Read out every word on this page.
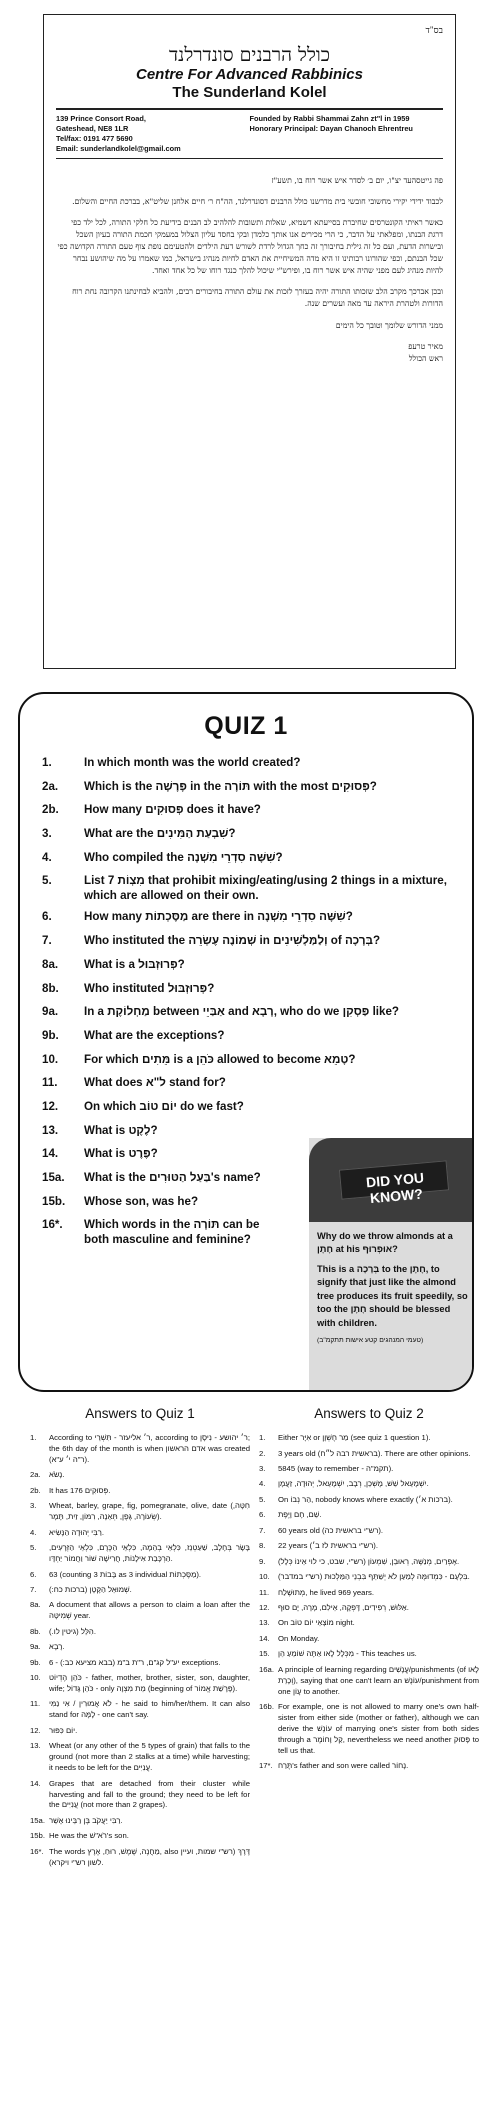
בס"ד
כולל הרבנים סונדרלנד
Centre For Advanced Rabbinics
The Sunderland Kolel
139 Prince Consort Road,
Gateshead, NE8 1LR
Tel/fax: 0191 477 5690
Email: sunderlandkolel@gmail.com
Founded by Rabbi Shammai Zahn zt"l in 1959
Honorary Principal: Dayan Chanoch Ehrentreu

פה גייטסהעד יצ"ו, יום ב׳ לסדר איש אשר רוח בו, תשע"ז

לכבוד ידידי יקירי מחשובי חובשי בית מדרשנו כולל הרבנים דסונדרלנד, הה"ח ר׳ חיים אלחנן שליט"א, בברכת החיים והשלום.

כאשר ראיתי הקונטרסים שחיברת בסייעתא דשמיא, שאלות ותשובות להלהיב לב הבנים בידיעת כל חלקי התורה, לכל ילד כפי דרגת הבנתו, ומפלאתי על הדבר, כי הרי מכירים אנו אותך כלמדן ובקי בחסד עליון הצלול במעמקי חכמת התורה בעיון השכל ובישרות הדעת, ועם כל זה גילית בחיבורך זה כחך הגדול לרדת לשורש דעת הילדים ולהטעימם נופת צוף טעם התורה הקדושה כפי שכל הבנתם, וכפי שהורונו רבותינו זו היא מדה המשיחיית את האדם לחיות מנהיג בישראל, כמו שאמרו על מה שיהושע נבחר להיות מנהיג לעם מפני שהיה איש אשר רוח בו, ופירש"י שיכול להלך כנגד רוחו של כל אחד ואחד.

ובכן אברכך מקרב הלב שזכותו התורה יהיה בעזרך לזכות את עולם התורה בחיבורים רבים, ולהביא לבחינתנו הקרובה נחת רוח הדורות ולטהרת היראה עד מאה ועשרים שנה.

ממני הדורש שלומך וטובך כל הימים
מאיר טרעפ
ראש הכולל
QUIZ 1
1.	In which month was the world created?
2a.	Which is the פָּרָשָׁה in the תּוֹרָה with the most פְּסוּקִים?
2b.	How many פְּסוּקִים does it have?
3.	What are the שִׁבְעַת הַמִּינִים?
4.	Who compiled the שִׁשָּׁה סִדְרֵי מִשְׁנָה?
5.	List 7 מִצְוֹת that prohibit mixing/eating/using 2 things in a mixture, which are allowed on their own.
6.	How many מַסֶּכְתוֹת are there in שִׁשָּׁה סִדְרֵי מִשְׁנָה?
7.	Who instituted the שְׁמוֹנֶה עֶשְׂרֵה in וְלַמַּלְשִׁינִים of בְּרָכָה?
8a.	What is a פְּרוּזְבּוּל?
8b.	Who instituted פְּרוּזְבּוּל?
9a.	In a מַחְלוֹקֶת between אַבַּיֵי and רָבָא, who do we פַּסְקִן like?
9b.	What are the exceptions?
10.	For which מֵּתִים is a כֹּהֵן allowed to become טָמֵא?
11.	What does ל"א stand for?
12.	On which יוֹם טוֹב do we fast?
13.	What is לֶקֶט?
14.	What is פֶּרֶט?
15a.	What is the בַּעַל הַטּוּרִים's name?
15b.	Whose son, was he?
16*.	Which words in the תּוֹרָה can be both masculine and feminine?
DID YOU KNOW?

Why do we throw almonds at a חָתָן at his אוּפְרוּף?

This is a בְּרָכָה to the חָתָן, to signify that just like the almond tree produces its fruit speedily, so too the חָתָן should be blessed with children.

(טעמי המנהגים קטע אישות תתקמ"ב)

Answers to Quiz 1
1.	According to ר׳ אליעזר - תִּשְׁרֵי, according to ר׳ יהושע - נִיסָן; the 6th day of the month is when אדם הראשון was created (ר"ה י׳ ע"א).
2a.	נָשֹׂא.
2b.	It has 176 פְּסוּקִים.
3.	Wheat, barley, grape, fig, pomegranate, olive, date (חִטָּה, שְׂעוֹרָה, גֶּפֶן, תְּאֵנָה, רִמּוֹן, זַיִת, תָּמָר).
4.	רַבִּי יְהוּדָה הַנָּשִׂיא.
5.	בָּשָׂר בְּחָלָב, שַׁעַטְנֵז, כִּלְאֵי בְהֵמָה, כִּלְאֵי הַכֶּרֶם, כִּלְאֵי הַזְּרָעִים, הַרְכָּבַת אִילָנוֹת, חֲרִישָׁה שׁוֹר וַחֲמוֹר יַחְדָּו.
6.	63 (counting 3 בָּבוֹת as 3 individual מַסֶּכְתוֹת).
7.	שְׁמוּאֵל הַקָּטָן (ברכות כח:).
8a.	A document that allows a person to claim a loan after the שְׁמִיטָּה year.
8b.	הִלֵּל (גיטין לו.).
9a.	רָבָא.
9b.	יע"ל קג"ם, ר"ת ב"מ (בבא מציעא כב:) - 6 exceptions.
10.	כֹּהֵן הֶדְיוֹט - father, mother, brother, sister, son, daughter, wife; כֹּהֵן גָּדוֹל - only מֵת מִצְוָה (beginning of פָּרָשַׁת אֱמוֹר).
11.	לֹא אֲמוּרִין / אִי נַמִּי - he said to him/her/them. It can also stand for לָמָּה - one can't say.
12.	יוֹם כִּפּוּר.
13.	Wheat (or any other of the 5 types of grain) that falls to the ground (not more than 2 stalks at a time) while harvesting; it needs to be left for the עֲנִיִּים.
14.	Grapes that are detached from their cluster while harvesting and fall to the ground; they need to be left for the עֲנִיִּים (not more than 2 grapes).
15a. רַבִּי יַעֲקֹב בֶּן רַבֵּינוּ אָשֵׁר.
15b. He was the רֹא"שׁ's son.
16*. The words מַחֲנֶה, שֶׁמֶשׁ, רוּחַ, אֶרֶץ, also דֶּרֶךְ (רש"י שמות, ועיין לשון רש"י ויקרא).
Answers to Quiz 2
1.	Either אִיָּר or מַר חֶשְׁוָן (see quiz 1 question 1).
2.	3 years old (בראשית רבה ל״ח). There are other opinions.
3.	5845 (way to remember - תקמ"ה).
4.	יִשְׁמָעֵאל שֵׁשׁ, מָשְׁכֵן, רְבָב, יִשְׁמָעֵאל, יְהוּדָה, זַעֲמָן.
5.	On הַר נְבוֹ, nobody knows where exactly (ברכות א׳).
6.	שֵׁם, חָם וָיֶפֶת.
7.	60 years old (רש"י בראשית כה).
8.	22 years (רש"י בראשית לז ב׳).
9.	אֶפְרַיִם, מְנַשֶּׁה, רְאוּבֵן, שִׁמְעוֹן (רש"י, שבט, כי לוי אֵינוֹ כְּלָל).
10.	בִּלְעָם - כִּמְדוּמֶּה לְמַעַן לֹא יְשַׁתֵּף בִּבְנֵי הַמַּלְכוּת (רש"י במדבר).
11.	מְתוּשֶׁלַח, he lived 969 years.
12.	אַלּוּשׁ, רְפִידִים, דָּפְקָה, אֵילִם, מָרָה, יָם סוּף.
13.	On מוֹצָאֵי יוֹם טוֹב night.
14.	On Monday.
15.	מִכְּלָל לָאו אַתָּה שׁוֹמֵעַ הֵן - This teaches us.
16a. A principle of learning regarding עֳנָשִׁים/punishments (of לָאו וְכָרֵת), saying that one can't learn an עוֹנֶשׁ/punishment from one עָוֹן to another.
16b. For example, one is not allowed to marry one's own half-sister from either side (mother or father), although we can derive the עוֹנֶשׁ of marrying one's sister from both sides through a קַל וָחוֹמֶר, nevertheless we need another פָּסוּק to tell us that.
17*. תֶּרַח's father and son were called נָחוֹר.
